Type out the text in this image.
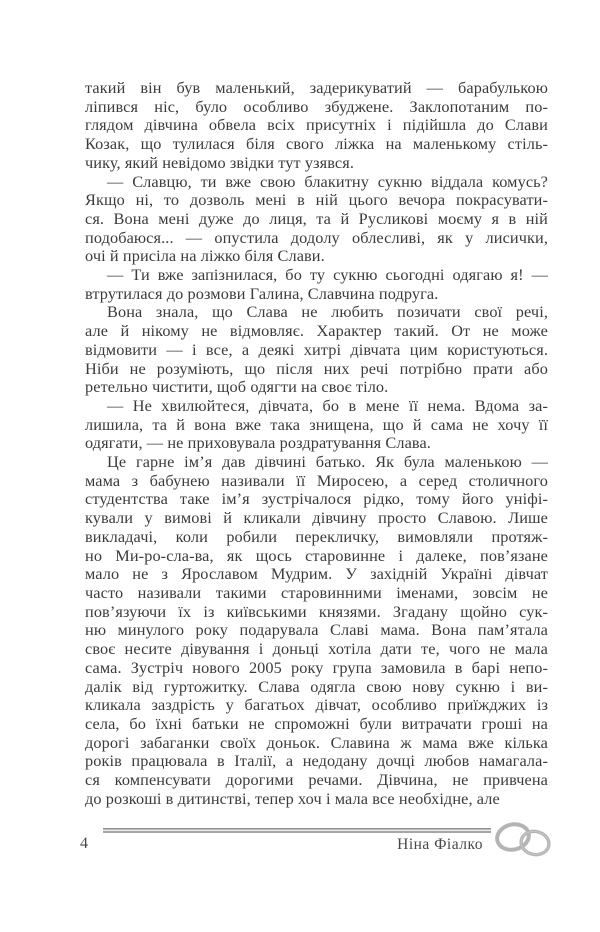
такий він був маленький, задерикуватий — барабулькою
ліпився ніс, було особливо збуджене. Заклопотаним по-
глядом дівчина обвела всіх присутніх і підійшла до Слави
Козак, що тулилася біля свого ліжка на маленькому стіль-
чику, який невідомо звідки тут узявся.
— Славцю, ти вже свою блакитну сукню віддала комусь?
Якщо ні, то дозволь мені в ній цього вечора покрасувати-
ся. Вона мені дуже до лиця, та й Русликові моєму я в ній
подобаюся... — опустила додолу облесливі, як у лисички,
очі й присіла на ліжко біля Слави.
— Ти вже запізнилася, бо ту сукню сьогодні одягаю я! —
втрутилася до розмови Галина, Славчина подруга.
Вона знала, що Слава не любить позичати свої речі,
але й нікому не відмовляє. Характер такий. От не може
відмовити — і все, а деякі хитрі дівчата цим користуються.
Ніби не розуміють, що після них речі потрібно прати або
ретельно чистити, щоб одягти на своє тіло.
— Не хвилюйтеся, дівчата, бо в мене її нема. Вдома за-
лишила, та й вона вже така знищена, що й сама не хочу її
одягати, — не приховувала роздратування Слава.
Це гарне ім’я дав дівчині батько. Як була маленькою —
мама з бабунею називали її Миросею, а серед столичного
студентства таке ім’я зустрічалося рідко, тому його уніфі-
кували у вимові й кликали дівчину просто Славою. Лише
викладачі, коли робили перекличку, вимовляли протяж-
но Ми-ро-сла-ва, як щось старовинне і далеке, пов’язане
мало не з Ярославом Мудрим. У західній Україні дівчат
часто називали такими старовинними іменами, зовсім не
пов’язуючи їх із київськими князями. Згадану щойно сук-
ню минулого року подарувала Славі мама. Вона пам’ятала
своє несите дівування і доньці хотіла дати те, чого не мала
сама. Зустріч нового 2005 року група замовила в барі непо-
далік від гуртожитку. Слава одягла свою нову сукню і ви-
кликала заздрість у багатьох дівчат, особливо приїжджих із
села, бо їхні батьки не спроможні були витрачати гроші на
дорогі забаганки своїх доньок. Славина ж мама вже кілька
років працювала в Італії, а недодану дочці любов намагала-
ся компенсувати дорогими речами. Дівчина, не привчена
до розкоші в дитинстві, тепер хоч і мала все необхідне, але
4	Ніна Фіалко
